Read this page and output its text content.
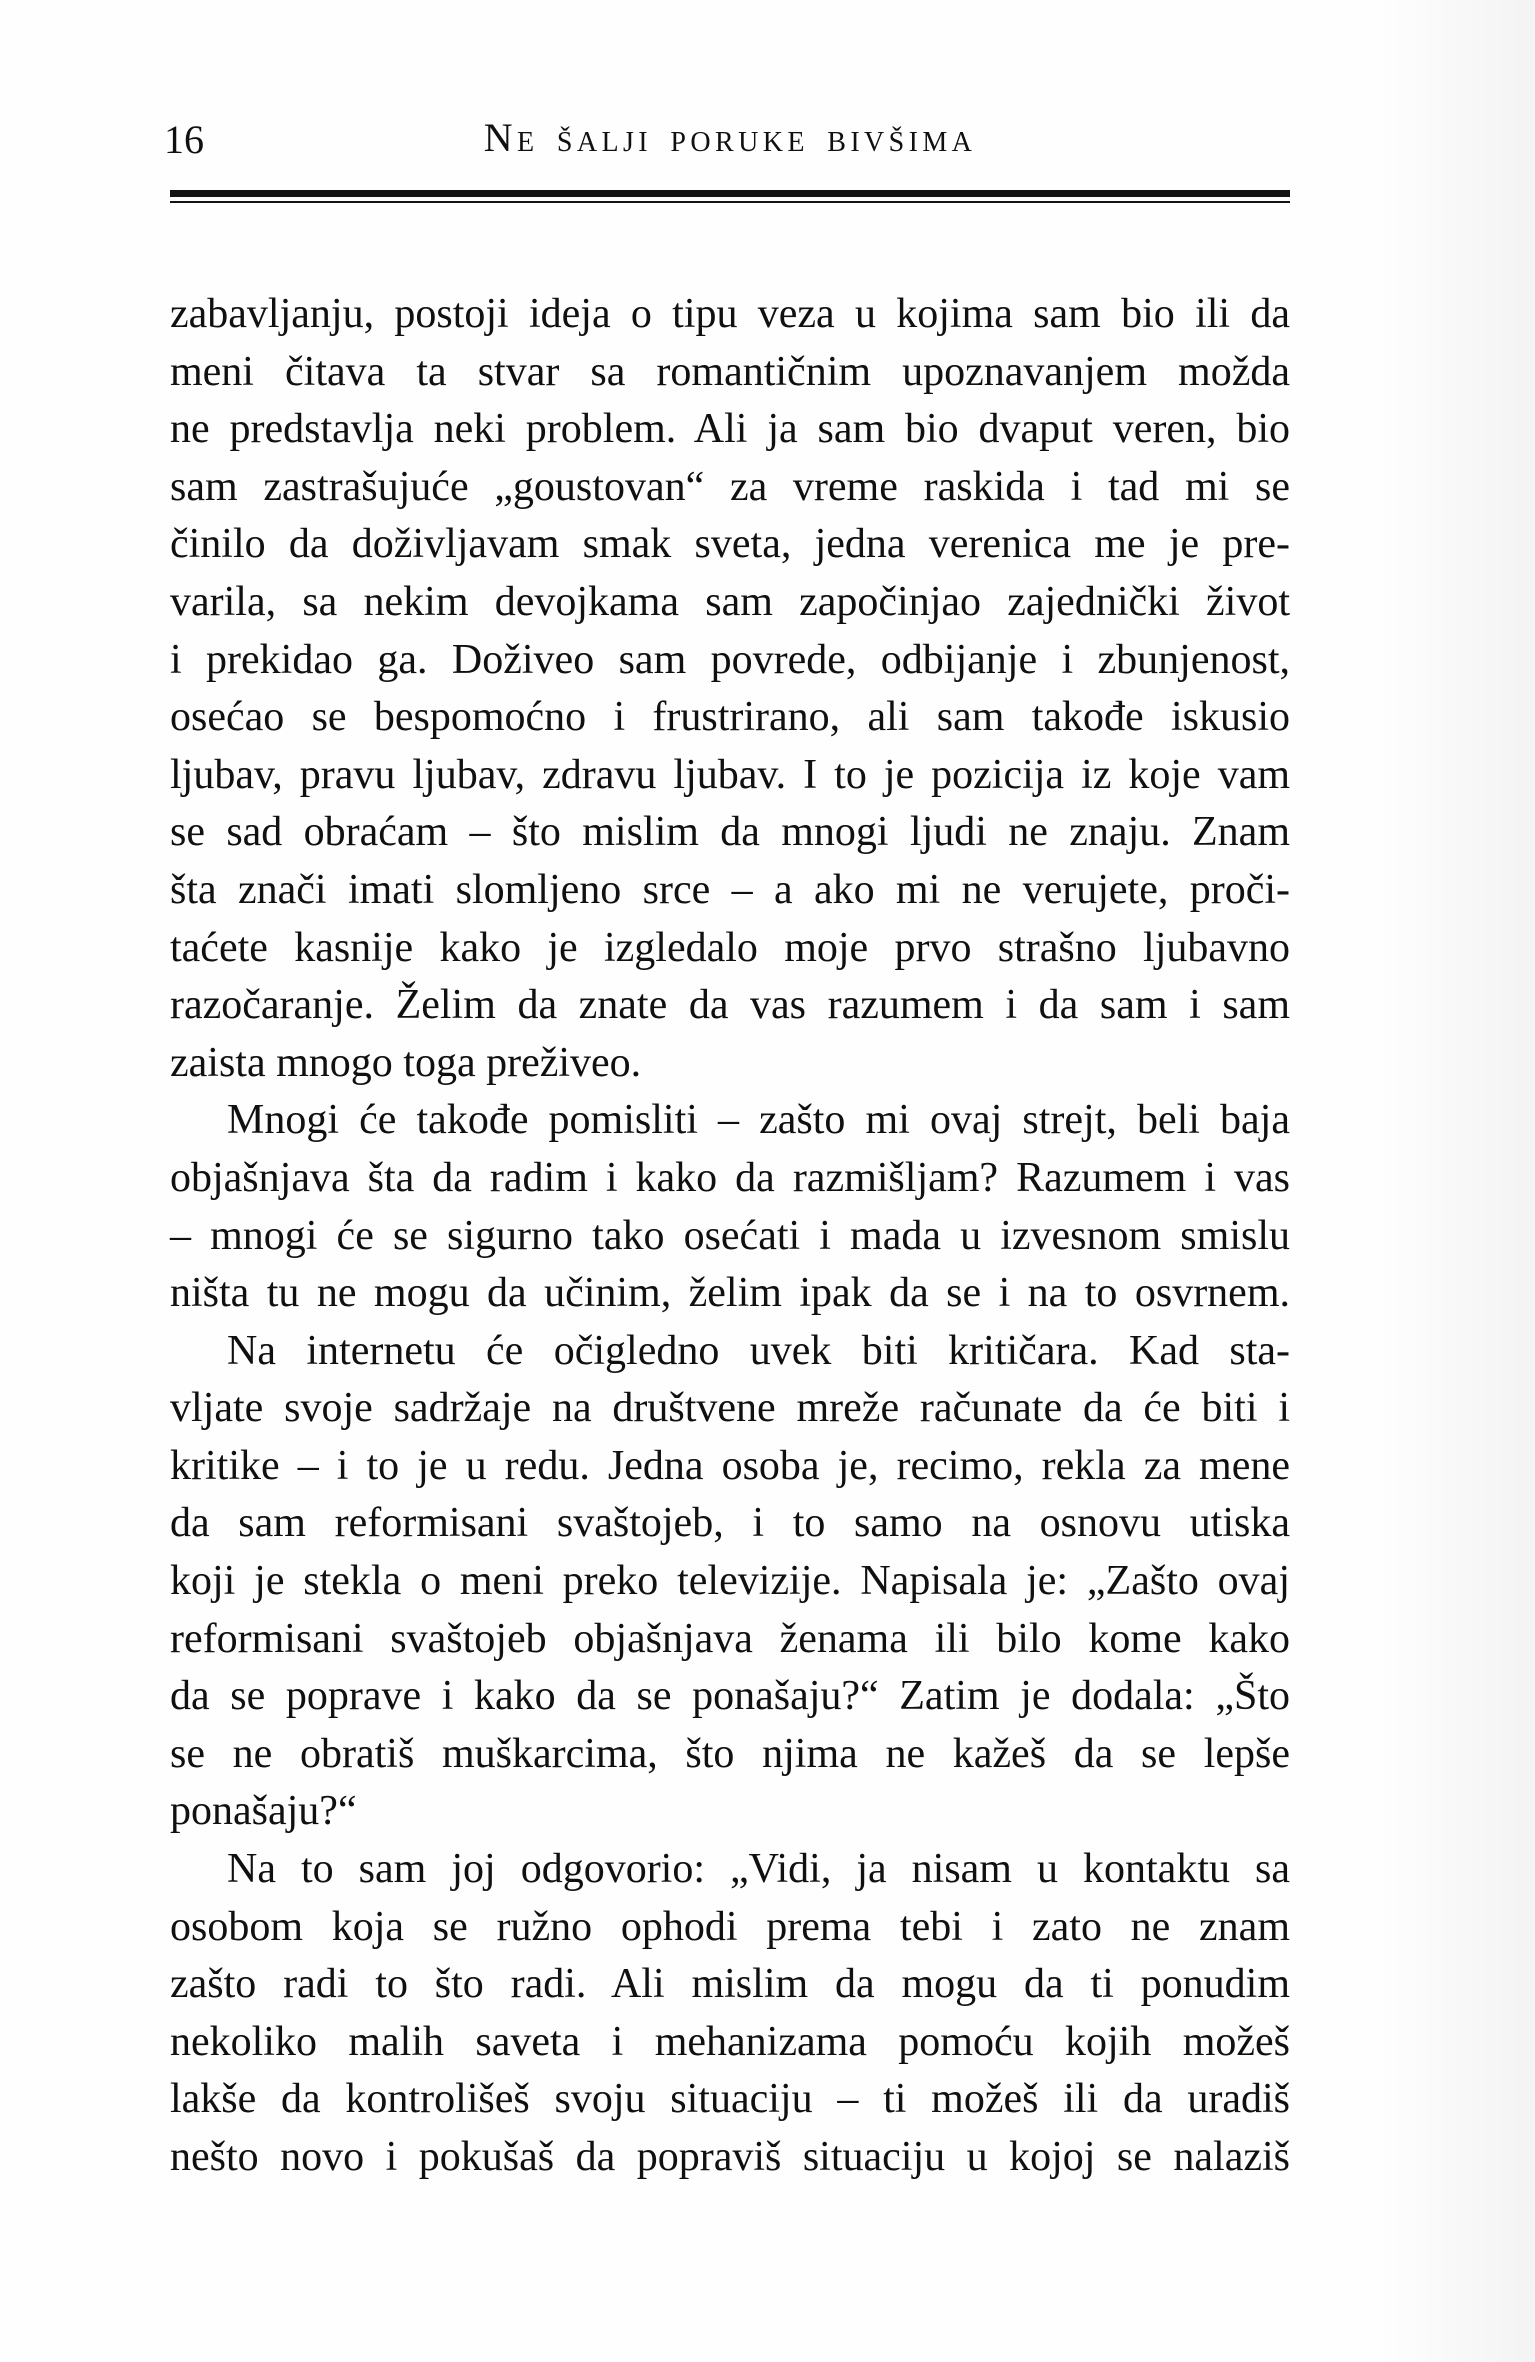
16	Ne šalji poruke bivšima
zabavljanju, postoji ideja o tipu veza u kojima sam bio ili da
meni čitava ta stvar sa romantičnim upoznavanjem možda
ne predstavlja neki problem. Ali ja sam bio dvaput veren, bio
sam zastrašujuće „goustovan“ za vreme raskida i tad mi se
činilo da doživljavam smak sveta, jedna verenica me je pre-
varila, sa nekim devojkama sam započinjao zajednički život
i prekidao ga. Doživeo sam povrede, odbijanje i zbunjenost,
osećao se bespomoćno i frustrirano, ali sam takođe iskusio
ljubav, pravu ljubav, zdravu ljubav. I to je pozicija iz koje vam
se sad obraćam – što mislim da mnogi ljudi ne znaju. Znam
šta znači imati slomljeno srce – a ako mi ne verujete, proči-
taćete kasnije kako je izgledalo moje prvo strašno ljubavno
razočaranje. Želim da znate da vas razumem i da sam i sam
zaista mnogo toga preživeo.
Mnogi će takođe pomisliti – zašto mi ovaj strejt, beli baja
objašnjava šta da radim i kako da razmišljam? Razumem i vas
– mnogi će se sigurno tako osećati i mada u izvesnom smislu
ništa tu ne mogu da učinim, želim ipak da se i na to osvrnem.
Na internetu će očigledno uvek biti kritičara. Kad sta-
vljate svoje sadržaje na društvene mreže računate da će biti i
kritike – i to je u redu. Jedna osoba je, recimo, rekla za mene
da sam reformisani svaštojeb, i to samo na osnovu utiska
koji je stekla o meni preko televizije. Napisala je: „Zašto ovaj
reformisani svaštojeb objašnjava ženama ili bilo kome kako
da se poprave i kako da se ponašaju?“ Zatim je dodala: „Što
se ne obratiš muškarcima, što njima ne kažeš da se lepše
ponašaju?“
Na to sam joj odgovorio: „Vidi, ja nisam u kontaktu sa
osobom koja se ružno ophodi prema tebi i zato ne znam
zašto radi to što radi. Ali mislim da mogu da ti ponudim
nekoliko malih saveta i mehanizama pomoću kojih možeš
lakše da kontrolišeš svoju situaciju – ti možeš ili da uradiš
nešto novo i pokušaš da popraviš situaciju u kojoj se nalaziš
